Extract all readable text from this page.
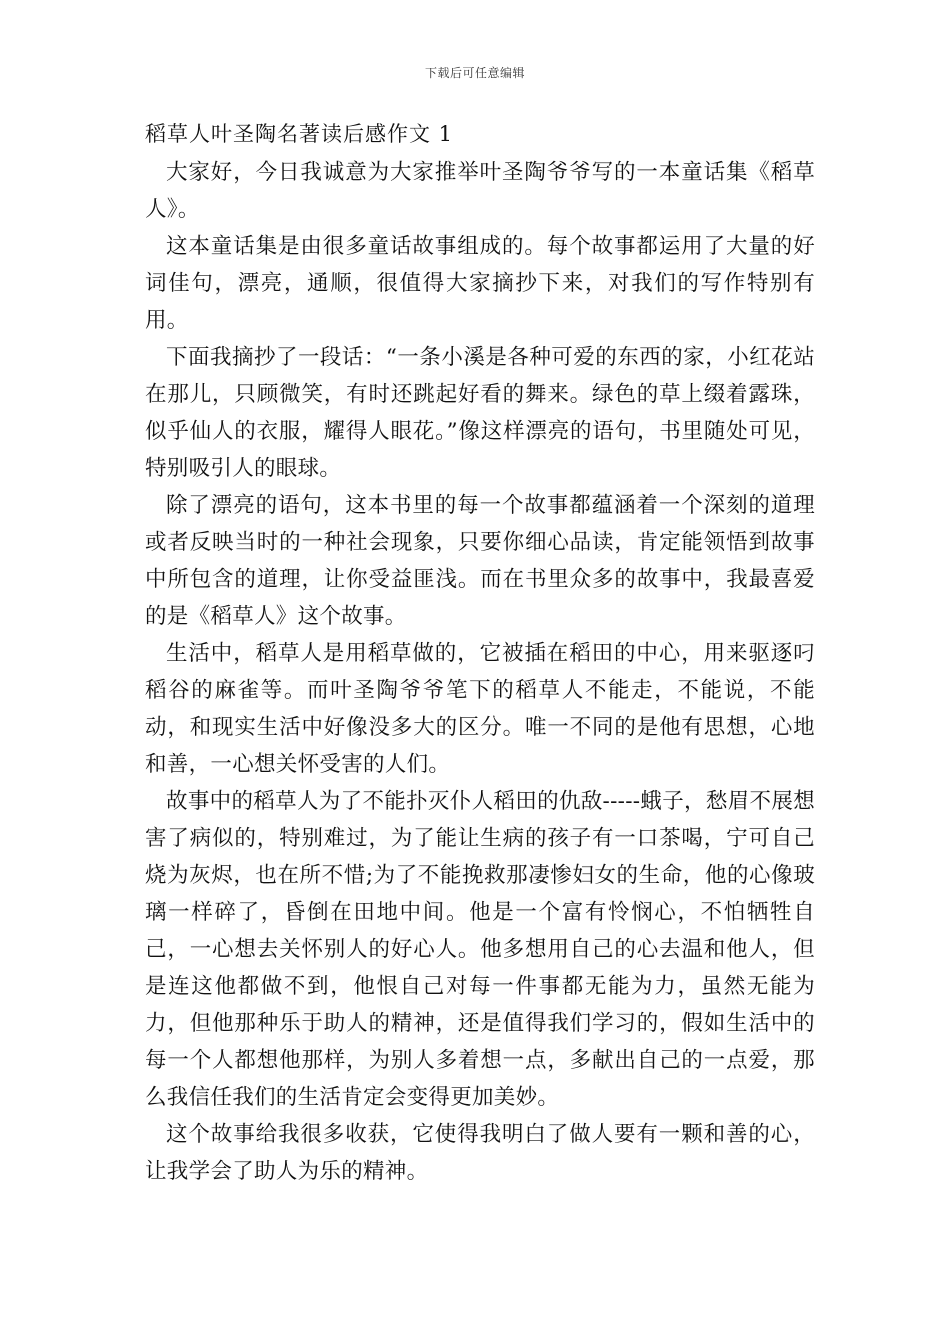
下载后可任意编辑
稻草人叶圣陶名著读后感作文 1

大家好，今日我诚意为大家推举叶圣陶爷爷写的一本童话集《稻草人》。

这本童话集是由很多童话故事组成的。每个故事都运用了大量的好词佳句，漂亮，通顺，很值得大家摘抄下来，对我们的写作特别有用。

下面我摘抄了一段话：“一条小溪是各种可爱的东西的家，小红花站在那儿，只顾微笑，有时还跳起好看的舞来。绿色的草上缀着露珠，似乎仙人的衣服，耀得人眼花。”像这样漂亮的语句，书里随处可见，特别吸引人的眼球。

除了漂亮的语句，这本书里的每一个故事都蕴涵着一个深刻的道理或者反映当时的一种社会现象，只要你细心品读，肯定能领悟到故事中所包含的道理，让你受益匪浅。而在书里众多的故事中，我最喜爱的是《稻草人》这个故事。

生活中，稻草人是用稻草做的，它被插在稻田的中心，用来驱逐叼稻谷的麻雀等。而叶圣陶爷爷笔下的稻草人不能走，不能说，不能动，和现实生活中好像没多大的区分。唯一不同的是他有思想，心地和善，一心想关怀受害的人们。

故事中的稻草人为了不能扑灭仆人稻田的仇敌-----蛾子，愁眉不展想害了病似的，特别难过，为了能让生病的孩子有一口茶喝，宁可自己烧为灰烬，也在所不惜;为了不能挽救那凄惨妇女的生命，他的心像玻璃一样碎了，昏倒在田地中间。他是一个富有怜悯心，不怕牺牲自己，一心想去关怀别人的好心人。他多想用自己的心去温和他人，但是连这他都做不到，他恨自己对每一件事都无能为力，虽然无能为力，但他那种乐于助人的精神，还是值得我们学习的，假如生活中的每一个人都想他那样，为别人多着想一点，多献出自己的一点爱，那么我信任我们的生活肯定会变得更加美妙。

这个故事给我很多收获，它使得我明白了做人要有一颗和善的心，让我学会了助人为乐的精神。
